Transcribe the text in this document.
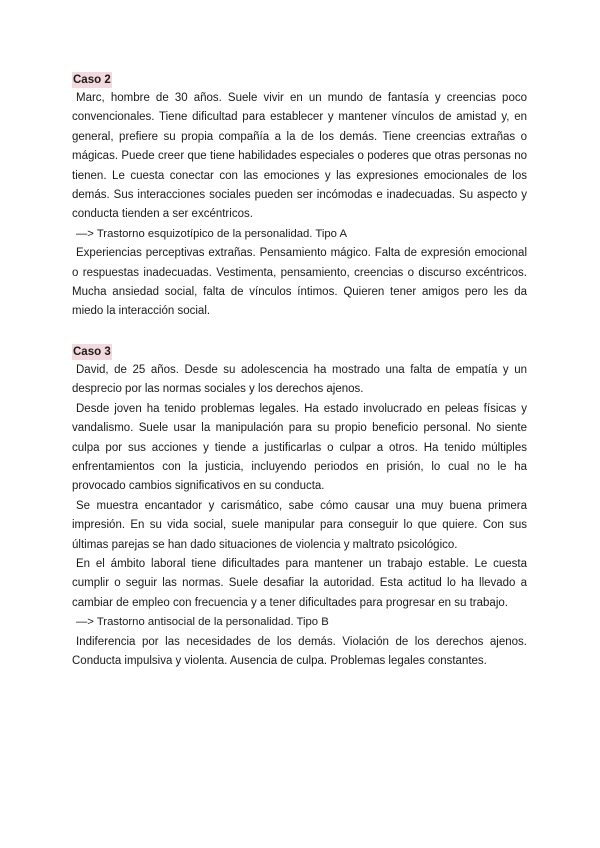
Caso 2

Marc, hombre de 30 años. Suele vivir en un mundo de fantasía y creencias poco convencionales. Tiene dificultad para establecer y mantener vínculos de amistad y, en general, prefiere su propia compañía a la de los demás. Tiene creencias extrañas o mágicas. Puede creer que tiene habilidades especiales o poderes que otras personas no tienen. Le cuesta conectar con las emociones y las expresiones emocionales de los demás. Sus interacciones sociales pueden ser incómodas e inadecuadas. Su aspecto y conducta tienden a ser excéntricos.

—> Trastorno esquizotípico de la personalidad. Tipo A

Experiencias perceptivas extrañas. Pensamiento mágico. Falta de expresión emocional o respuestas inadecuadas. Vestimenta, pensamiento, creencias o discurso excéntricos. Mucha ansiedad social, falta de vínculos íntimos. Quieren tener amigos pero les da miedo la interacción social.

Caso 3

David, de 25 años. Desde su adolescencia ha mostrado una falta de empatía y un desprecio por las normas sociales y los derechos ajenos.

Desde joven ha tenido problemas legales. Ha estado involucrado en peleas físicas y vandalismo. Suele usar la manipulación para su propio beneficio personal. No siente culpa por sus acciones y tiende a justificarlas o culpar a otros. Ha tenido múltiples enfrentamientos con la justicia, incluyendo periodos en prisión, lo cual no le ha provocado cambios significativos en su conducta.

Se muestra encantador y carismático, sabe cómo causar una muy buena primera impresión. En su vida social, suele manipular para conseguir lo que quiere. Con sus últimas parejas se han dado situaciones de violencia y maltrato psicológico.

En el ámbito laboral tiene dificultades para mantener un trabajo estable. Le cuesta cumplir o seguir las normas. Suele desafiar la autoridad. Esta actitud lo ha llevado a cambiar de empleo con frecuencia y a tener dificultades para progresar en su trabajo.

—> Trastorno antisocial de la personalidad. Tipo B

Indiferencia por las necesidades de los demás. Violación de los derechos ajenos. Conducta impulsiva y violenta. Ausencia de culpa. Problemas legales constantes.
